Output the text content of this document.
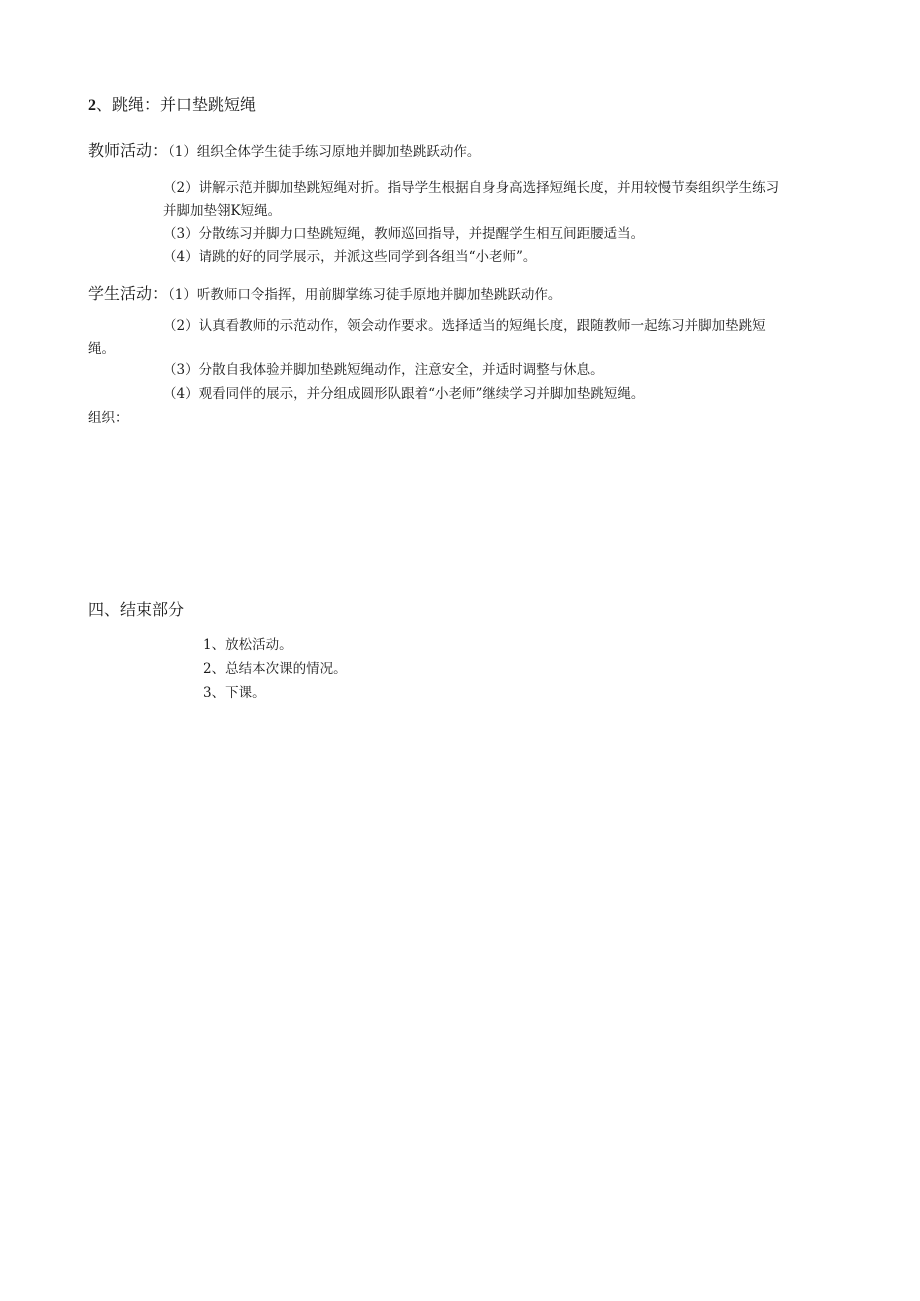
2、跳绳：并口垫跳短绳
教师活动：（1）组织全体学生徒手练习原地并脚加垫跳跃动作。
（2）讲解示范并脚加垫跳短绳对折。指导学生根据自身身高选择短绳长度，并用较慢节奏组织学生练习
并脚加垫翎K短绳。
（3）分散练习并脚力口垫跳短绳，教师巡回指导，并提醒学生相互间距腰适当。
（4）请跳的好的同学展示，并派这些同学到各组当“小老师”。
学生活动：（1）听教师口令指挥，用前脚掌练习徒手原地并脚加垫跳跃动作。
（2）认真看教师的示范动作，领会动作要求。选择适当的短绳长度，跟随教师一起练习并脚加垫跳短
绳。
（3）分散自我体验并脚加垫跳短绳动作，注意安全，并适时调整与休息。
（4）观看同伴的展示，并分组成圆形队跟着“小老师”继续学习并脚加垫跳短绳。
组织：
四、结束部分
1、放松活动。
2、总结本次课的情况。
3、下课。
